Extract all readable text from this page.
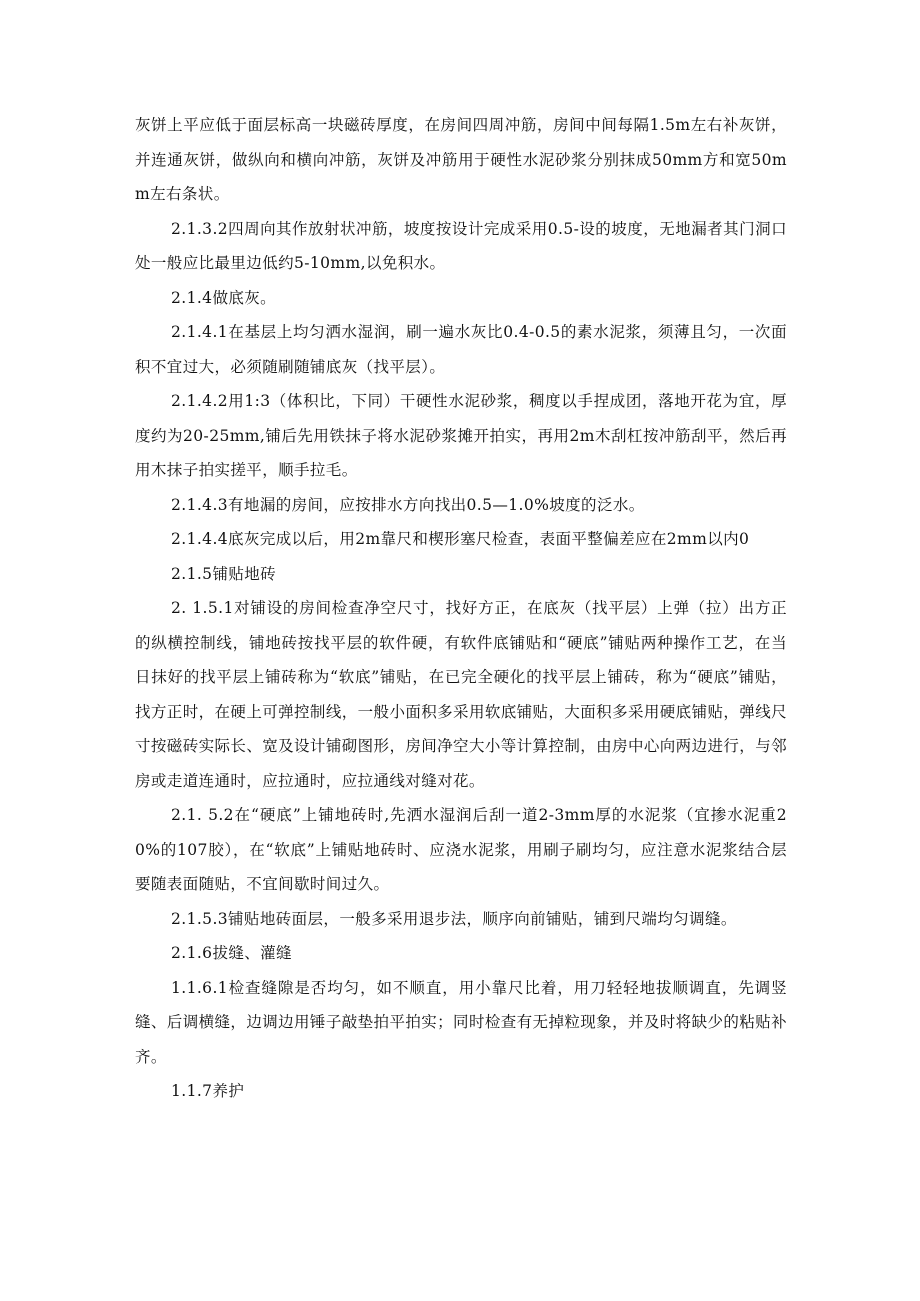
灰饼上平应低于面层标高一块磁砖厚度，在房间四周冲筋，房间中间每隔1.5m左右补灰饼，并连通灰饼，做纵向和横向冲筋，灰饼及冲筋用于硬性水泥砂浆分别抹成50mm方和宽50mm左右条状。

2.1.3.2四周向其作放射状冲筋，坡度按设计完成采用0.5-设的坡度，无地漏者其门洞口处一般应比最里边低约5-10mm,以免积水。

2.1.4做底灰。

2.1.4.1在基层上均匀洒水湿润，刷一遍水灰比0.4-0.5的素水泥浆，须薄且匀，一次面积不宜过大，必须随刷随铺底灰（找平层）。

2.1.4.2用1:3（体积比，下同）干硬性水泥砂浆，稠度以手捏成团，落地开花为宜，厚度约为20-25mm,铺后先用铁抹子将水泥砂浆摊开拍实，再用2m木刮杠按冲筋刮平，然后再用木抹子拍实搓平，顺手拉毛。

2.1.4.3有地漏的房间，应按排水方向找出0.5—1.0%坡度的泛水。

2.1.4.4底灰完成以后，用2m靠尺和楔形塞尺检查，表面平整偏差应在2mm以内0

2.1.5铺贴地砖

2. 1.5.1对铺设的房间检查净空尺寸，找好方正，在底灰（找平层）上弹（拉）出方正的纵横控制线，铺地砖按找平层的软件硬，有软件底铺贴和“硬底”铺贴两种操作工艺，在当日抹好的找平层上铺砖称为“软底”铺贴，在已完全硬化的找平层上铺砖，称为“硬底”铺贴，找方正时，在硬上可弹控制线，一般小面积多采用软底铺贴，大面积多采用硬底铺贴，弹线尺寸按磁砖实际长、宽及设计铺砌图形，房间净空大小等计算控制，由房中心向两边进行，与邻房或走道连通时，应拉通时，应拉通线对缝对花。

2.1. 5.2在“硬底”上铺地砖时,先洒水湿润后刮一道2-3mm厚的水泥浆（宜掺水泥重20%的107胶），在“软底”上铺贴地砖时、应浇水泥浆，用刷子刷均匀，应注意水泥浆结合层要随表面随贴，不宜间歇时间过久。

2.1.5.3铺贴地砖面层，一般多采用退步法，顺序向前铺贴，铺到尺端均匀调缝。

2.1.6拔缝、灌缝

1.1.6.1检查缝隙是否均匀，如不顺直，用小靠尺比着，用刀轻轻地拔顺调直，先调竖缝、后调横缝，边调边用锤子敲垫拍平拍实；同时检查有无掉粒现象，并及时将缺少的粘贴补齐。

1.1.7养护
